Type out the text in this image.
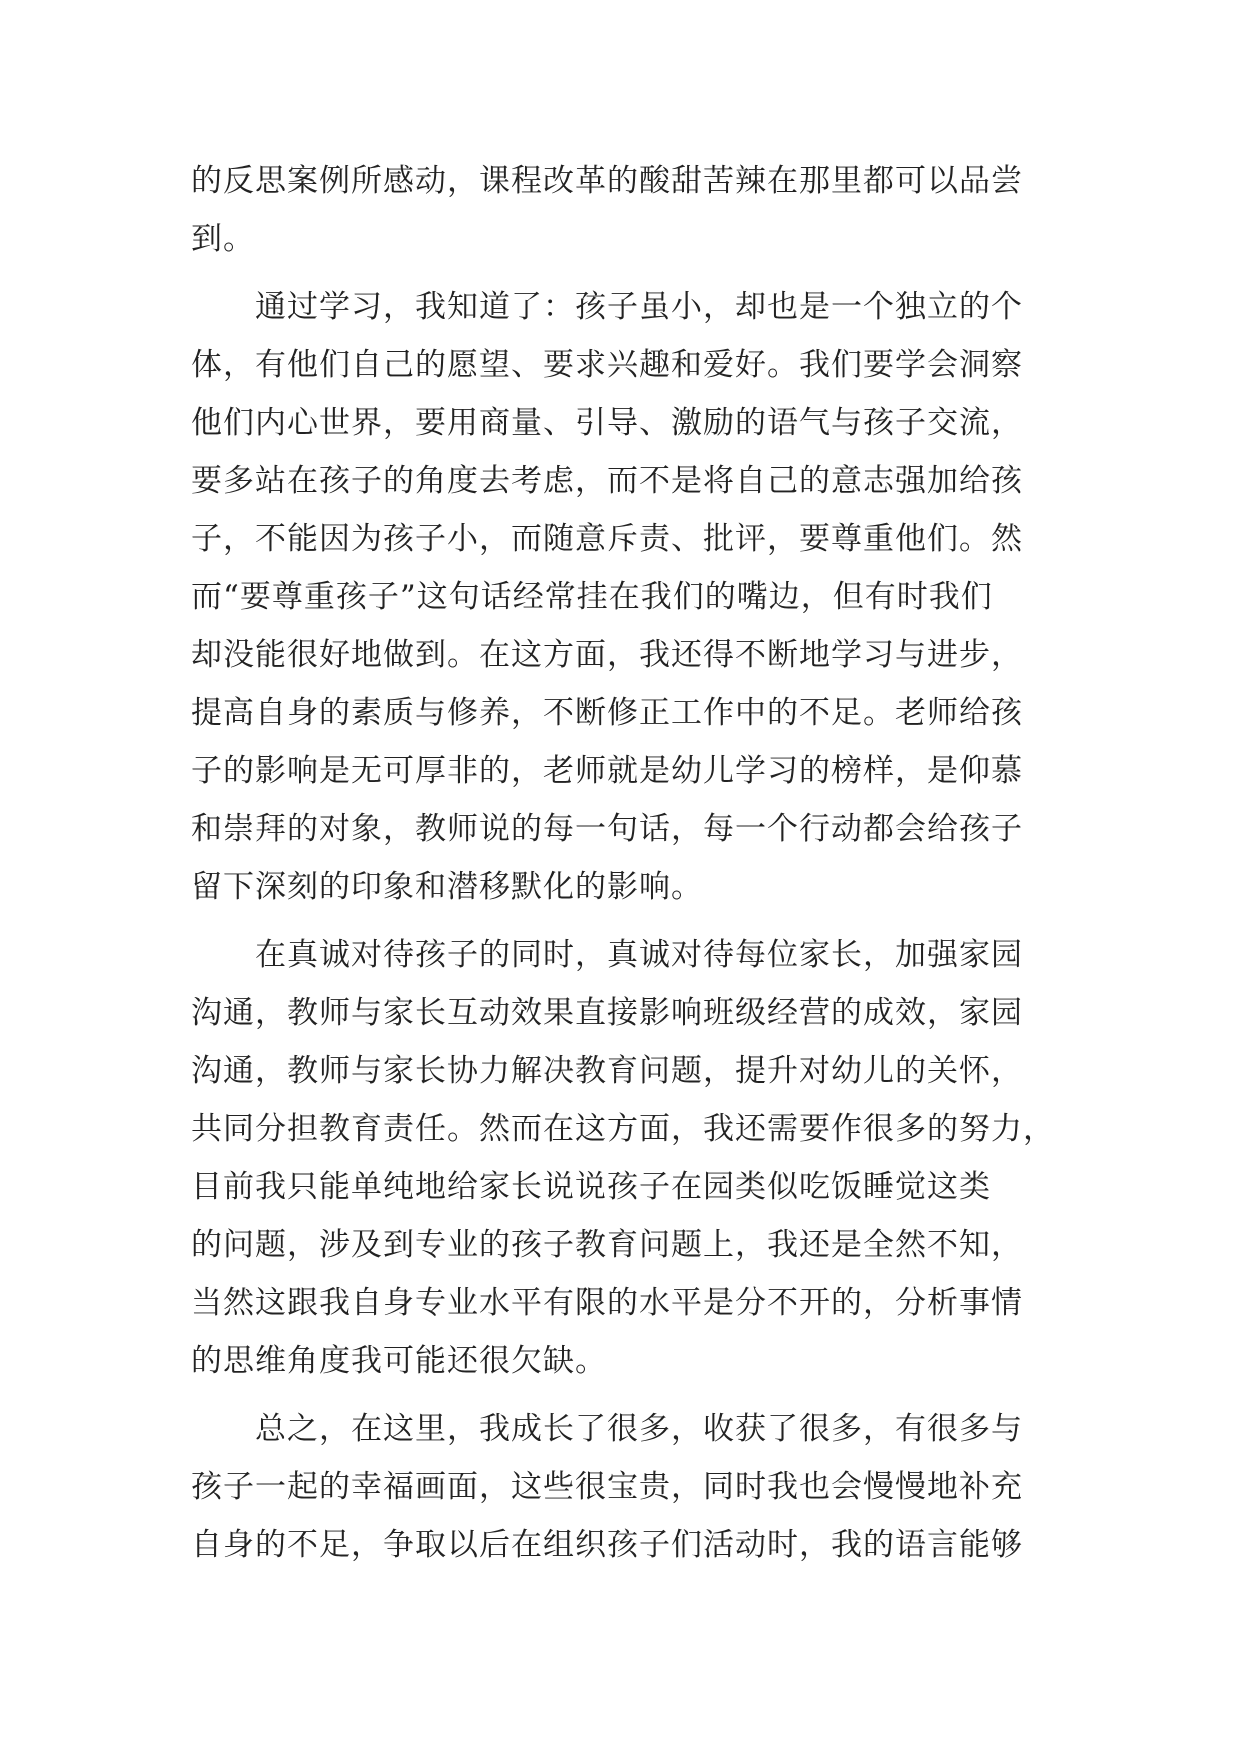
的反思案例所感动，课程改革的酸甜苦辣在那里都可以品尝
到。
　　通过学习，我知道了：孩子虽小，却也是一个独立的个
体，有他们自己的愿望、要求兴趣和爱好。我们要学会洞察
他们内心世界，要用商量、引导、激励的语气与孩子交流，
要多站在孩子的角度去考虑，而不是将自己的意志强加给孩
子，不能因为孩子小，而随意斥责、批评，要尊重他们。然
而“要尊重孩子”这句话经常挂在我们的嘴边，但有时我们
却没能很好地做到。在这方面，我还得不断地学习与进步，
提高自身的素质与修养，不断修正工作中的不足。老师给孩
子的影响是无可厚非的，老师就是幼儿学习的榜样，是仰慕
和崇拜的对象，教师说的每一句话，每一个行动都会给孩子
留下深刻的印象和潜移默化的影响。
　　在真诚对待孩子的同时，真诚对待每位家长，加强家园
沟通，教师与家长互动效果直接影响班级经营的成效，家园
沟通，教师与家长协力解决教育问题，提升对幼儿的关怀，
共同分担教育责任。然而在这方面，我还需要作很多的努力，
目前我只能单纯地给家长说说孩子在园类似吃饭睡觉这类
的问题，涉及到专业的孩子教育问题上，我还是全然不知，
当然这跟我自身专业水平有限的水平是分不开的，分析事情
的思维角度我可能还很欠缺。
　　总之，在这里，我成长了很多，收获了很多，有很多与
孩子一起的幸福画面，这些很宝贵，同时我也会慢慢地补充
自身的不足，争取以后在组织孩子们活动时，我的语言能够
